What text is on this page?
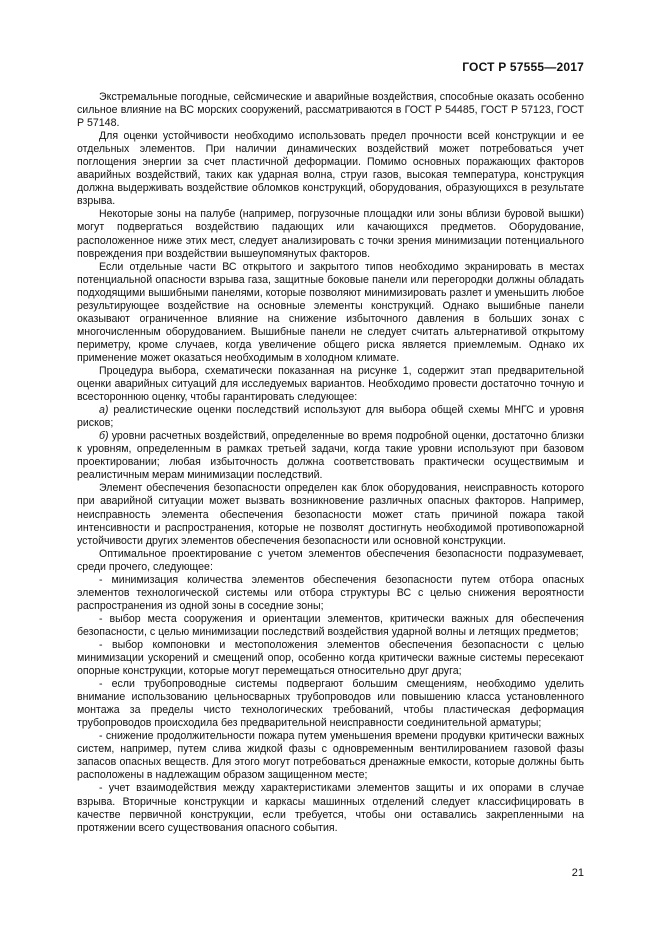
ГОСТ Р 57555—2017

Экстремальные погодные, сейсмические и аварийные воздействия, способные оказать особенно сильное влияние на ВС морских сооружений, рассматриваются в ГОСТ Р 54485, ГОСТ Р 57123, ГОСТ Р 57148.

Для оценки устойчивости необходимо использовать предел прочности всей конструкции и ее отдельных элементов. При наличии динамических воздействий может потребоваться учет поглощения энергии за счет пластичной деформации. Помимо основных поражающих факторов аварийных воздействий, таких как ударная волна, струи газов, высокая температура, конструкция должна выдерживать воздействие обломков конструкций, оборудования, образующихся в результате взрыва.

Некоторые зоны на палубе (например, погрузочные площадки или зоны вблизи буровой вышки) могут подвергаться воздействию падающих или качающихся предметов. Оборудование, расположенное ниже этих мест, следует анализировать с точки зрения минимизации потенциального повреждения при воздействии вышеупомянутых факторов.

Если отдельные части ВС открытого и закрытого типов необходимо экранировать в местах потенциальной опасности взрыва газа, защитные боковые панели или перегородки должны обладать подходящими вышибными панелями, которые позволяют минимизировать разлет и уменьшить любое результирующее воздействие на основные элементы конструкций. Однако вышибные панели оказывают ограниченное влияние на снижение избыточного давления в больших зонах с многочисленным оборудованием. Вышибные панели не следует считать альтернативой открытому периметру, кроме случаев, когда увеличение общего риска является приемлемым. Однако их применение может оказаться необходимым в холодном климате.

Процедура выбора, схематически показанная на рисунке 1, содержит этап предварительной оценки аварийных ситуаций для исследуемых вариантов. Необходимо провести достаточно точную и всестороннюю оценку, чтобы гарантировать следующее:

а) реалистические оценки последствий используют для выбора общей схемы МНГС и уровня рисков;

б) уровни расчетных воздействий, определенные во время подробной оценки, достаточно близки к уровням, определенным в рамках третьей задачи, когда такие уровни используют при базовом проектировании; любая избыточность должна соответствовать практически осуществимым и реалистичным мерам минимизации последствий.

Элемент обеспечения безопасности определен как блок оборудования, неисправность которого при аварийной ситуации может вызвать возникновение различных опасных факторов. Например, неисправность элемента обеспечения безопасности может стать причиной пожара такой интенсивности и распространения, которые не позволят достигнуть необходимой противопожарной устойчивости других элементов обеспечения безопасности или основной конструкции.

Оптимальное проектирование с учетом элементов обеспечения безопасности подразумевает, среди прочего, следующее:

- минимизация количества элементов обеспечения безопасности путем отбора опасных элементов технологической системы или отбора структуры ВС с целью снижения вероятности распространения из одной зоны в соседние зоны;

- выбор места сооружения и ориентации элементов, критически важных для обеспечения безопасности, с целью минимизации последствий воздействия ударной волны и летящих предметов;

- выбор компоновки и местоположения элементов обеспечения безопасности с целью минимизации ускорений и смещений опор, особенно когда критически важные системы пересекают опорные конструкции, которые могут перемещаться относительно друг друга;

- если трубопроводные системы подвергают большим смещениям, необходимо уделить внимание использованию цельносварных трубопроводов или повышению класса установленного монтажа за пределы чисто технологических требований, чтобы пластическая деформация трубопроводов происходила без предварительной неисправности соединительной арматуры;

- снижение продолжительности пожара путем уменьшения времени продувки критически важных систем, например, путем слива жидкой фазы с одновременным вентилированием газовой фазы запасов опасных веществ. Для этого могут потребоваться дренажные емкости, которые должны быть расположены в надлежащим образом защищенном месте;

- учет взаимодействия между характеристиками элементов защиты и их опорами в случае взрыва. Вторичные конструкции и каркасы машинных отделений следует классифицировать в качестве первичной конструкции, если требуется, чтобы они оставались закрепленными на протяжении всего существования опасного события.

21
